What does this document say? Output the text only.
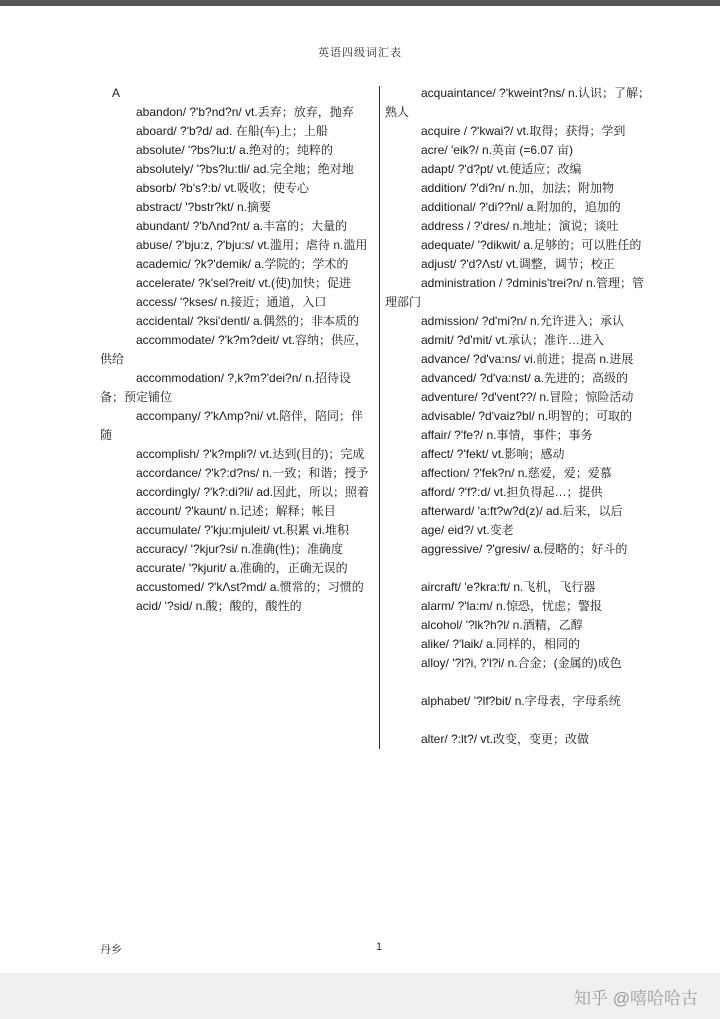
英语四级词汇表

A

abandon/ ?'b?nd?n/ vt.丢弃；放弃，抛弃

aboard/ ?'b?d/ ad. 在船(车)上；上船

absolute/ '?bs?lu:t/ a.绝对的；纯粹的

absolutely/ '?bs?lu:tli/ ad.完全地；绝对地

absorb/ ?b's?:b/ vt.吸收；使专心

abstract/ '?bstr?kt/ n.摘要

abundant/ ?'bΛnd?nt/ a.丰富的；大量的

abuse/ ?'bju:z, ?'bju:s/ vt.滥用；虐待 n.滥用

academic/ ?k?'demik/ a.学院的；学术的

accelerate/ ?k'sel?reit/ vt.(使)加快；促进

access/ '?kses/ n.接近；通道，入口

accidental/ ?ksi'dentl/ a.偶然的；非本质的

accommodate/ ?'k?m?deit/ vt.容纳；供应，供给

accommodation/ ?,k?m?'dei?n/ n.招待设备；预定铺位

accompany/ ?'kΛmp?ni/ vt.陪伴，陪同；伴随

accomplish/ ?'k?mpli?/ vt.达到(目的)；完成

accordance/ ?'k?:d?ns/ n.一致；和谐；授予

accordingly/ ?'k?:di?li/ ad.因此，所以；照着

account/ ?'kaunt/ n.记述；解释；帐目

accumulate/ ?'kju:mjuleit/ vt.积累 vi.堆积

accuracy/ '?kjur?si/ n.准确(性)；准确度

accurate/ '?kjurit/ a.准确的，正确无误的

accustomed/ ?'kΛst?md/ a.惯常的；习惯的

acid/ '?sid/ n.酸；酸的，酸性的

acquaintance/ ?'kweint?ns/ n.认识；了解；熟人

acquire / ?'kwai?/ vt.取得；获得；学到

acre/ 'eik?/ n.英亩 (=6.07 亩)

adapt/ ?'d?pt/ vt.使适应；改编

addition/ ?'di?n/ n.加，加法；附加物

additional/ ?'di??nl/ a.附加的，追加的

address / ?'dres/ n.地址；演说；谈吐

adequate/ '?dikwit/ a.足够的；可以胜任的

adjust/ ?'d?Λst/ vt.调整，调节；校正

administration / ?dminis'trei?n/ n.管理；管理部门

admission/ ?d'mi?n/ n.允许进入；承认

admit/ ?d'mit/ vt.承认；准许…进入

advance/ ?d'va:ns/ vi.前进；提高 n.进展

advanced/ ?d'va:nst/ a.先进的；高级的

adventure/ ?d'vent??/ n.冒险；惊险活动

advisable/ ?d'vaiz?bl/ n.明智的；可取的

affair/ ?'fe?/ n.事情，事件；事务

affect/ ?'fekt/ vt.影响；感动

affection/ ?'fek?n/ n.慈爱，爱；爱慕

afford/ ?'f?:d/ vt.担负得起…；提供

afterward/ 'a:ft?w?d(z)/ ad.后来，以后

age/ eid?/ vt.变老

aggressive/ ?'gresiv/ a.侵略的；好斗的

aircraft/ 'e?kra:ft/ n.飞机，飞行器

alarm/ ?'la:m/ n.惊恐，忧虑；警报

alcohol/ '?lk?h?l/ n.酒精，乙醇

alike/ ?'laik/ a.同样的，相同的

alloy/ '?l?i, ?'l?i/ n.合金；(金属的)成色

alphabet/ '?lf?bit/ n.字母表，字母系统

alter/ ?:lt?/ vt.改变，变更；改做

丹乡	1
知乎 @嘻哈哈古
